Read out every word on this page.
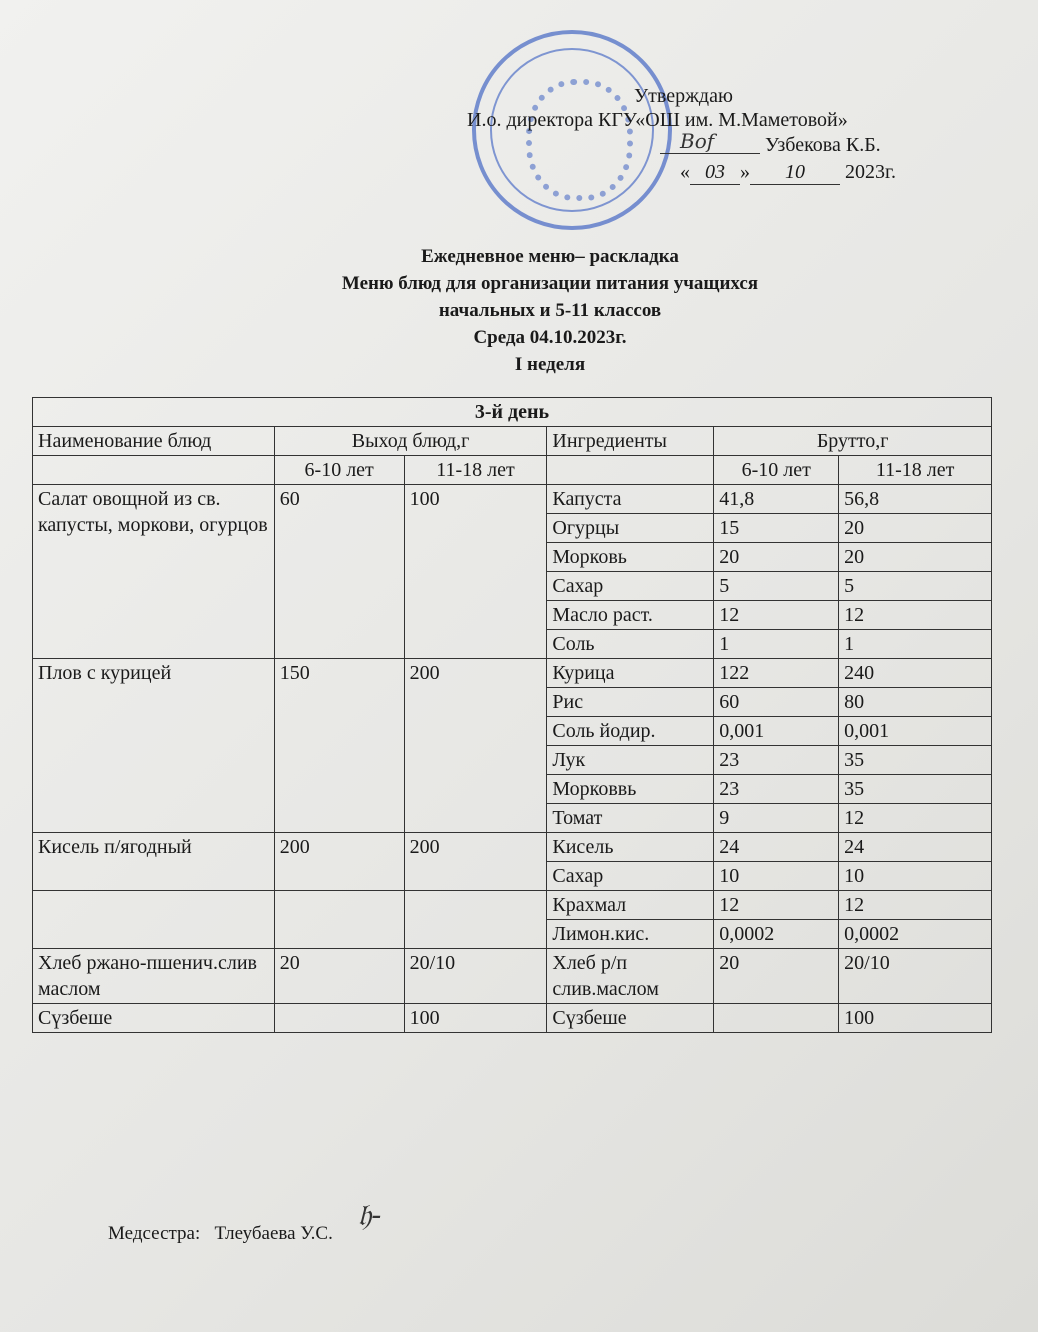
Утверждаю
И.о. директора КГУ«ОШ им. М.Маметовой»
Bof	Узбекова К.Б.
« 03 » 10 2023г.
Ежедневное меню– раскладка
Меню блюд для организации питания учащихся
начальных и 5-11 классов
Среда 04.10.2023г.
I неделя
3-й день					
Наименование блюд	Выход блюд,г		Ингредиенты	Брутто,г	
	6-10 лет	11-18 лет		6-10 лет	11-18 лет
Салат овощной из св. капусты, моркови, огурцов	60	100	Капуста	41,8	56,8
			Огурцы	15	20
			Морковь	20	20
			Сахар	5	5
			Масло раст.	12	12
			Соль	1	1
Плов с курицей	150	200	Курица	122	240
			Рис	60	80
			Соль йодир.	0,001	0,001
			Лук	23	35
			Морковвь	23	35
			Томат	9	12
Кисель п/ягодный	200	200	Кисель	24	24
			Сахар	10	10
			Крахмал	12	12
			Лимон.кис.	0,0002	0,0002
Хлеб ржано-пшенич.слив маслом	20	20/10	Хлеб р/п слив.маслом	20	20/10
Сүзбеше		100	Сүзбеше		100
Медсестра: Тлеубаева У.С. 𝔥-
